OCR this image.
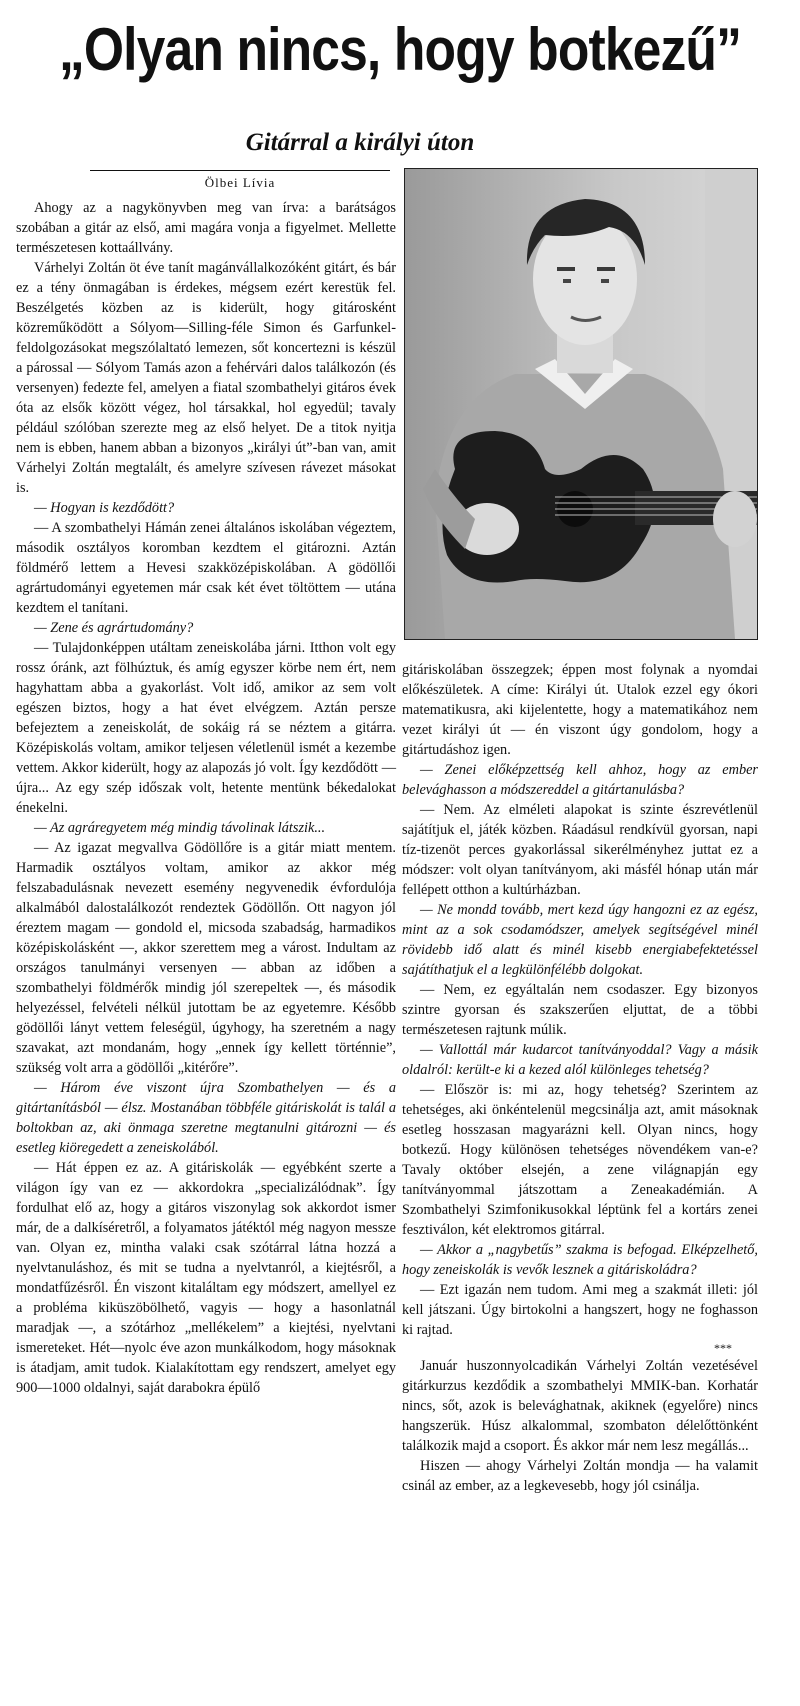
„Olyan nincs, hogy botkezű”
Gitárral a királyi úton
Ölbei Lívia

Ahogy az a nagykönyvben meg van írva: a barátságos szobában a gitár az első, ami magára vonja a figyelmet. Mellette természetesen kottaállvány.

Várhelyi Zoltán öt éve tanít magánvállalkozóként gitárt, és bár ez a tény önmagában is érdekes, mégsem ezért kerestük fel. Beszélgetés közben az is kiderült, hogy gitárosként közreműködött a Sólyom—Silling-féle Simon és Garfunkel-feldolgozásokat megszólaltató lemezen, sőt koncertezni is készül a párossal — Sólyom Tamás azon a fehérvári dalos találkozón (és versenyen) fedezte fel, amelyen a fiatal szombathelyi gitáros évek óta az elsők között végez, hol társakkal, hol egyedül; tavaly például szólóban szerezte meg az első helyet. De a titok nyitja nem is ebben, hanem abban a bizonyos „királyi út”-ban van, amit Várhelyi Zoltán megtalált, és amelyre szívesen rávezet másokat is.

— Hogyan is kezdődött?

— A szombathelyi Hámán zenei általános iskolában végeztem, második osztályos koromban kezdtem el gitározni. Aztán földmérő lettem a Hevesi szakközépiskolában. A gödöllői agrártudományi egyetemen már csak két évet töltöttem — utána kezdtem el tanítani.

— Zene és agrártudomány?

— Tulajdonképpen utáltam zeneiskolába járni. Itthon volt egy rossz óránk, azt fölhúztuk, és amíg egyszer körbe nem ért, nem hagyhattam abba a gyakorlást. Volt idő, amikor az sem volt egészen biztos, hogy a hat évet elvégzem. Aztán persze befejeztem a zeneiskolát, de sokáig rá se néztem a gitárra. Középiskolás voltam, amikor teljesen véletlenül ismét a kezembe vettem. Akkor kiderült, hogy az alapozás jó volt. Így kezdődött — újra... Az egy szép időszak volt, hetente mentünk békedalokat énekelni.

— Az agráregyetem még mindig távolinak látszik...

— Az igazat megvallva Gödöllőre is a gitár miatt mentem. Harmadik osztályos voltam, amikor az akkor még felszabadulásnak nevezett esemény negyvenedik évfordulója alkalmából dalostalálkozót rendeztek Gödöllőn. Ott nagyon jól éreztem magam — gondold el, micsoda szabadság, harmadikos középiskolásként —, akkor szerettem meg a várost. Indultam az országos tanulmányi versenyen — abban az időben a szombathelyi földmérők mindig jól szerepeltek —, és második helyezéssel, felvételi nélkül jutottam be az egyetemre. Később gödöllői lányt vettem feleségül, úgyhogy, ha szeretném a nagy szavakat, azt mondanám, hogy „ennek így kellett történnie”, szükség volt arra a gödöllői „kitérőre”.

— Három éve viszont újra Szombathelyen — és a gitártanításból — élsz. Mostanában többféle gitáriskolát is talál a boltokban az, aki önmaga szeretne megtanulni gitározni — és esetleg kiöregedett a zeneiskolából.

— Hát éppen ez az. A gitáriskolák — egyébként szerte a világon így van ez — akkordokra „specializálódnak”. Így fordulhat elő az, hogy a gitáros viszonylag sok akkordot ismer már, de a dalkíséretről, a folyamatos játéktól még nagyon messze van. Olyan ez, mintha valaki csak szótárral látna hozzá a nyelvtanuláshoz, és mit se tudna a nyelvtanról, a kiejtésről, a mondatfűzésről. Én viszont kitaláltam egy módszert, amellyel ez a probléma kiküszöbölhető, vagyis — hogy a hasonlatnál maradjak —, a szótárhoz „mellékelem” a kiejtési, nyelvtani ismereteket. Hét—nyolc éve azon munkálkodom, hogy másoknak is átadjam, amit tudok. Kialakítottam egy rendszert, amelyet egy 900—1000 oldalnyi, saját darabokra épülő

gitáriskolában összegzek; éppen most folynak a nyomdai előkészületek. A címe: Királyi út. Utalok ezzel egy ókori matematikusra, aki kijelentette, hogy a matematikához nem vezet királyi út — én viszont úgy gondolom, hogy a gitártudáshoz igen.

— Zenei előképzettség kell ahhoz, hogy az ember belevághasson a módszereddel a gitártanulásba?

— Nem. Az elméleti alapokat is szinte észrevétlenül sajátítjuk el, játék közben. Ráadásul rendkívül gyorsan, napi tíz-tizenöt perces gyakorlással sikerélményhez juttat ez a módszer: volt olyan tanítványom, aki másfél hónap után már fellépett otthon a kultúrházban.

— Ne mondd tovább, mert kezd úgy hangozni ez az egész, mint az a sok csodamódszer, amelyek segítségével minél rövidebb idő alatt és minél kisebb energiabefektetéssel sajátíthatjuk el a legkülönfélébb dolgokat.

— Nem, ez egyáltalán nem csodaszer. Egy bizonyos szintre gyorsan és szakszerűen eljuttat, de a többi természetesen rajtunk múlik.

— Vallottál már kudarcot tanítványoddal? Vagy a másik oldalról: került-e ki a kezed alól különleges tehetség?

— Először is: mi az, hogy tehetség? Szerintem az tehetséges, aki önkéntelenül megcsinálja azt, amit másoknak esetleg hosszasan magyarázni kell. Olyan nincs, hogy botkezű. Hogy különösen tehetséges növendékem van-e? Tavaly október elsején, a zene világnapján egy tanítványommal játszottam a Zeneakadémián. A Szombathelyi Szimfonikusokkal léptünk fel a kortárs zenei fesztiválon, két elektromos gitárral.

— Akkor a „nagybetűs” szakma is befogad. Elképzelhető, hogy zeneiskolák is vevők lesznek a gitáriskoládra?

— Ezt igazán nem tudom. Ami meg a szakmát illeti: jól kell játszani. Úgy birtokolni a hangszert, hogy ne foghasson ki rajtad.

***

Január huszonnyolcadikán Várhelyi Zoltán vezetésével gitárkurzus kezdődik a szombathelyi MMIK-ban. Korhatár nincs, sőt, azok is belevághatnak, akiknek (egyelőre) nincs hangszerük. Húsz alkalommal, szombaton délelőttönként találkozik majd a csoport. És akkor már nem lesz megállás...

Hiszen — ahogy Várhelyi Zoltán mondja — ha valamit csinál az ember, az a legkevesebb, hogy jól csinálja.
